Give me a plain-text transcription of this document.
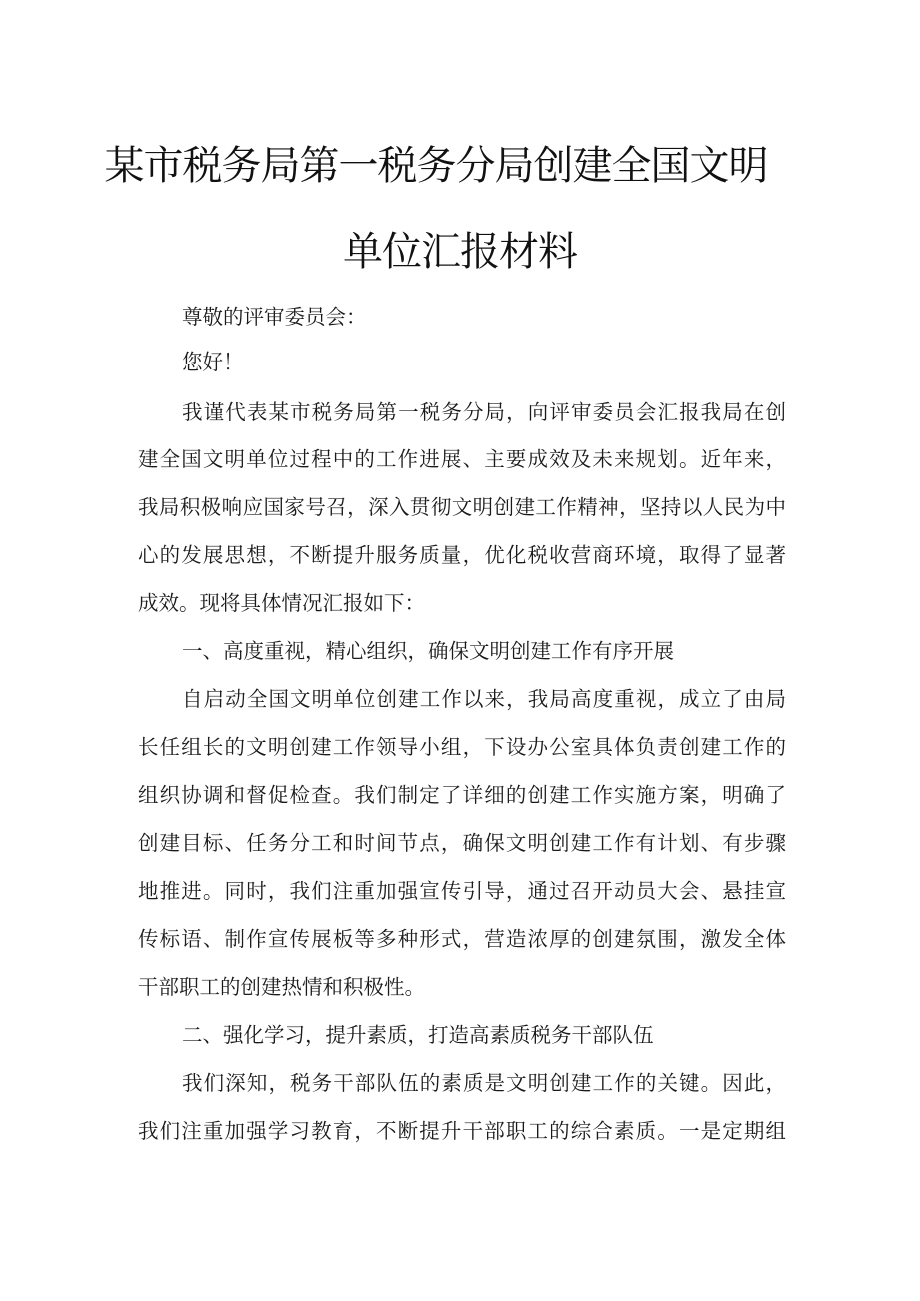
某市税务局第一税务分局创建全国文明
单位汇报材料

尊敬的评审委员会：

您好！

我谨代表某市税务局第一税务分局，向评审委员会汇报我局在创

建全国文明单位过程中的工作进展、主要成效及未来规划。近年来，

我局积极响应国家号召，深入贯彻文明创建工作精神，坚持以人民为中

心的发展思想，不断提升服务质量，优化税收营商环境，取得了显著

成效。现将具体情况汇报如下：

一、高度重视，精心组织，确保文明创建工作有序开展

自启动全国文明单位创建工作以来，我局高度重视，成立了由局

长任组长的文明创建工作领导小组，下设办公室具体负责创建工作的

组织协调和督促检查。我们制定了详细的创建工作实施方案，明确了

创建目标、任务分工和时间节点，确保文明创建工作有计划、有步骤

地推进。同时，我们注重加强宣传引导，通过召开动员大会、悬挂宣

传标语、制作宣传展板等多种形式，营造浓厚的创建氛围，激发全体

干部职工的创建热情和积极性。

二、强化学习，提升素质，打造高素质税务干部队伍

我们深知，税务干部队伍的素质是文明创建工作的关键。因此，

我们注重加强学习教育，不断提升干部职工的综合素质。一是定期组
